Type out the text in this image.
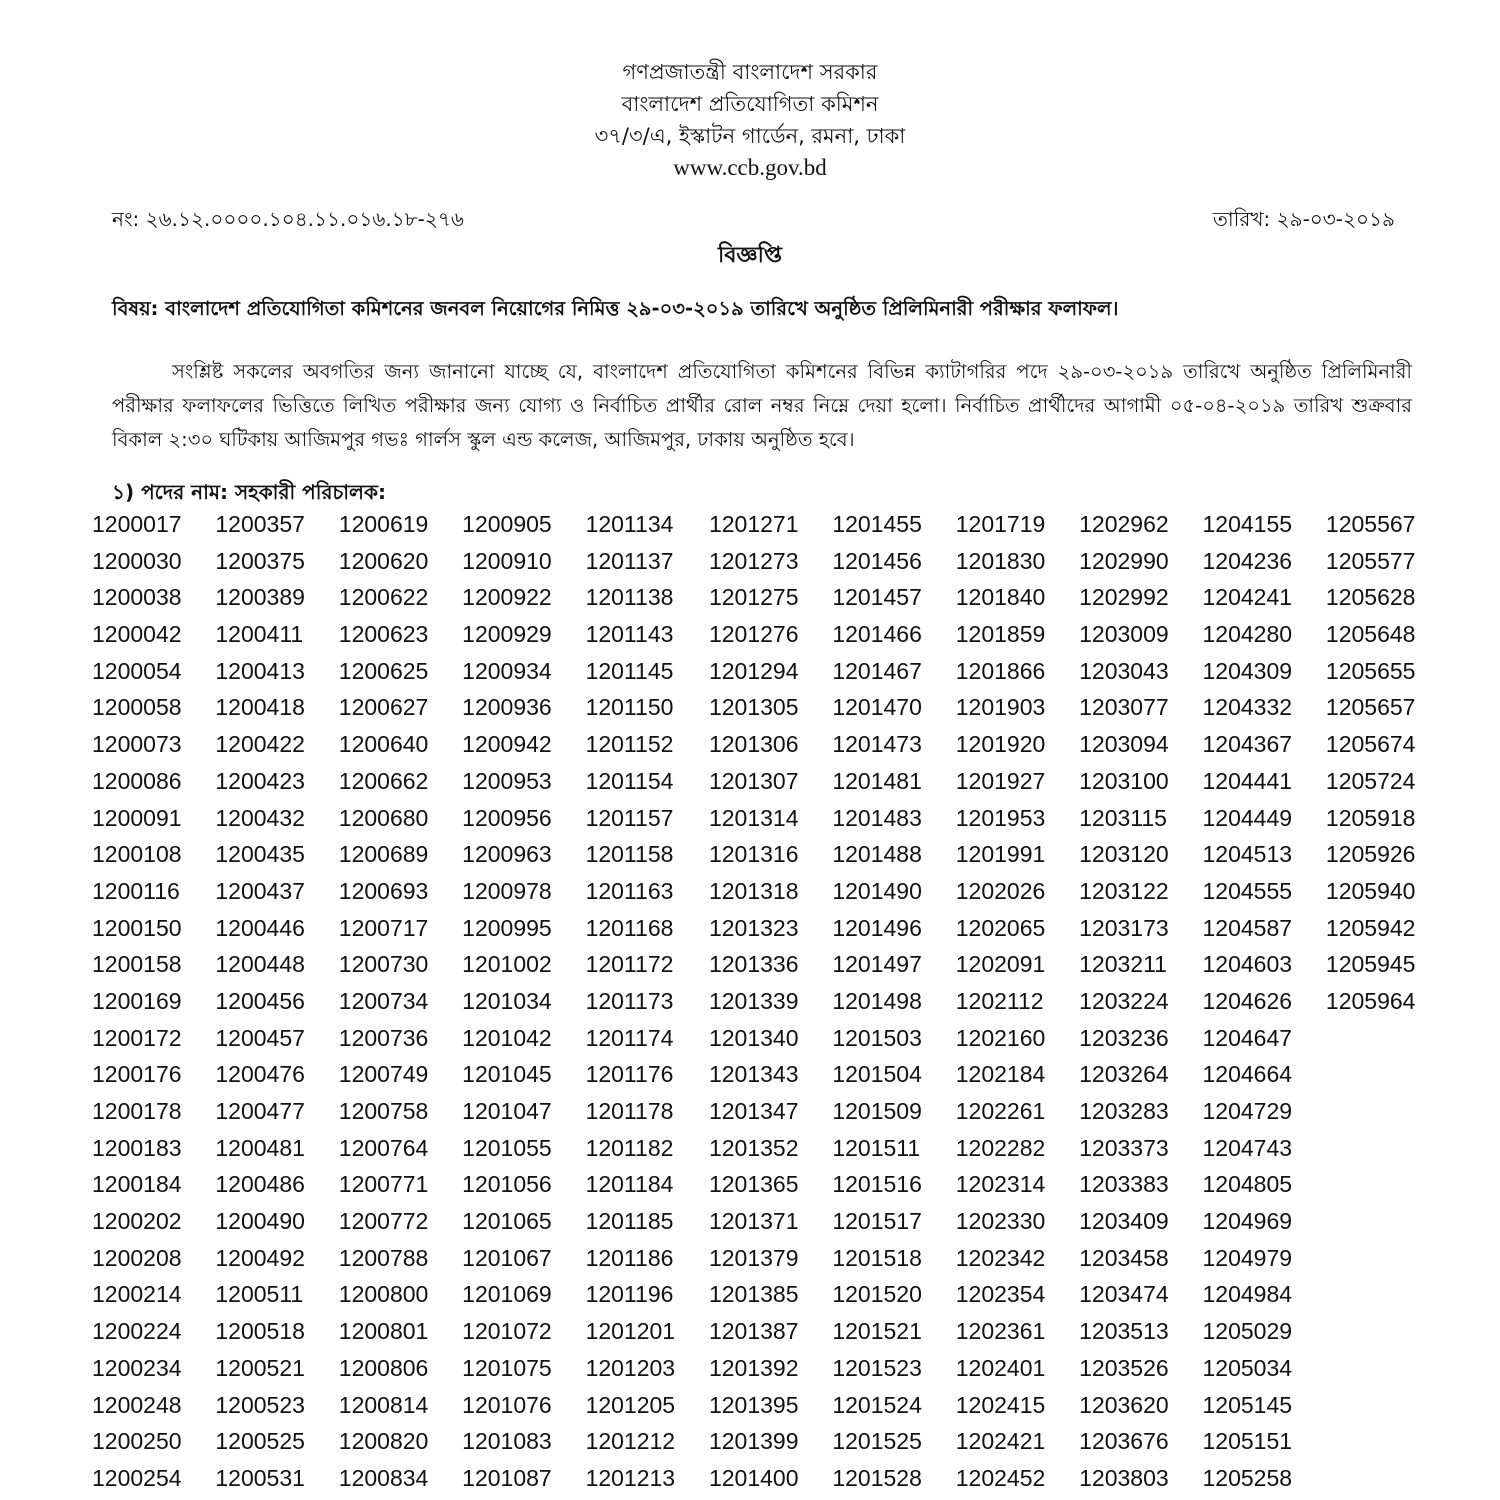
গণপ্রজাতন্ত্রী বাংলাদেশ সরকার
বাংলাদেশ প্রতিযোগিতা কমিশন
৩৭/৩/এ, ইস্কাটন গার্ডেন, রমনা, ঢাকা
www.ccb.gov.bd
নং: ২৬.১২.০০০০.১০৪.১১.০১৬.১৮-২৭৬	তারিখ: ২৯-০৩-২০১৯
বিজ্ঞপ্তি
বিষয়: বাংলাদেশ প্রতিযোগিতা কমিশনের জনবল নিয়োগের নিমিত্ত ২৯-০৩-২০১৯ তারিখে অনুষ্ঠিত প্রিলিমিনারী পরীক্ষার ফলাফল।
সংশ্লিষ্ট সকলের অবগতির জন্য জানানো যাচ্ছে যে, বাংলাদেশ প্রতিযোগিতা কমিশনের বিভিন্ন ক্যাটাগরির পদে ২৯-০৩-২০১৯ তারিখে অনুষ্ঠিত প্রিলিমিনারী পরীক্ষার ফলাফলের ভিত্তিতে লিখিত পরীক্ষার জন্য যোগ্য ও নির্বাচিত প্রার্থীর রোল নম্বর নিম্নে দেয়া হলো। নির্বাচিত প্রার্থীদের আগামী ০৫-০৪-২০১৯ তারিখ শুক্রবার বিকাল ২:৩০ ঘটিকায় আজিমপুর গভঃ গার্লস স্কুল এন্ড কলেজ, আজিমপুর, ঢাকায় অনুষ্ঠিত হবে।
১) পদের নাম: সহকারী পরিচালক:
1200017
1200030
1200038
1200042
1200054
1200058
1200073
1200086
1200091
1200108
1200116
1200150
1200158
1200169
1200172
1200176
1200178
1200183
1200184
1200202
1200208
1200214
1200224
1200234
1200248
1200250
1200254
1200357
1200375
1200389
1200411
1200413
1200418
1200422
1200423
1200432
1200435
1200437
1200446
1200448
1200456
1200457
1200476
1200477
1200481
1200486
1200490
1200492
1200511
1200518
1200521
1200523
1200525
1200531
1200619
1200620
1200622
1200623
1200625
1200627
1200640
1200662
1200680
1200689
1200693
1200717
1200730
1200734
1200736
1200749
1200758
1200764
1200771
1200772
1200788
1200800
1200801
1200806
1200814
1200820
1200834
1200905
1200910
1200922
1200929
1200934
1200936
1200942
1200953
1200956
1200963
1200978
1200995
1201002
1201034
1201042
1201045
1201047
1201055
1201056
1201065
1201067
1201069
1201072
1201075
1201076
1201083
1201087
1201134
1201137
1201138
1201143
1201145
1201150
1201152
1201154
1201157
1201158
1201163
1201168
1201172
1201173
1201174
1201176
1201178
1201182
1201184
1201185
1201186
1201196
1201201
1201203
1201205
1201212
1201213
1201271
1201273
1201275
1201276
1201294
1201305
1201306
1201307
1201314
1201316
1201318
1201323
1201336
1201339
1201340
1201343
1201347
1201352
1201365
1201371
1201379
1201385
1201387
1201392
1201395
1201399
1201400
1201455
1201456
1201457
1201466
1201467
1201470
1201473
1201481
1201483
1201488
1201490
1201496
1201497
1201498
1201503
1201504
1201509
1201511
1201516
1201517
1201518
1201520
1201521
1201523
1201524
1201525
1201528
1201719
1201830
1201840
1201859
1201866
1201903
1201920
1201927
1201953
1201991
1202026
1202065
1202091
1202112
1202160
1202184
1202261
1202282
1202314
1202330
1202342
1202354
1202361
1202401
1202415
1202421
1202452
1202962
1202990
1202992
1203009
1203043
1203077
1203094
1203100
1203115
1203120
1203122
1203173
1203211
1203224
1203236
1203264
1203283
1203373
1203383
1203409
1203458
1203474
1203513
1203526
1203620
1203676
1203803
1204155
1204236
1204241
1204280
1204309
1204332
1204367
1204441
1204449
1204513
1204555
1204587
1204603
1204626
1204647
1204664
1204729
1204743
1204805
1204969
1204979
1204984
1205029
1205034
1205145
1205151
1205258
1205567
1205577
1205628
1205648
1205655
1205657
1205674
1205724
1205918
1205926
1205940
1205942
1205945
1205964
